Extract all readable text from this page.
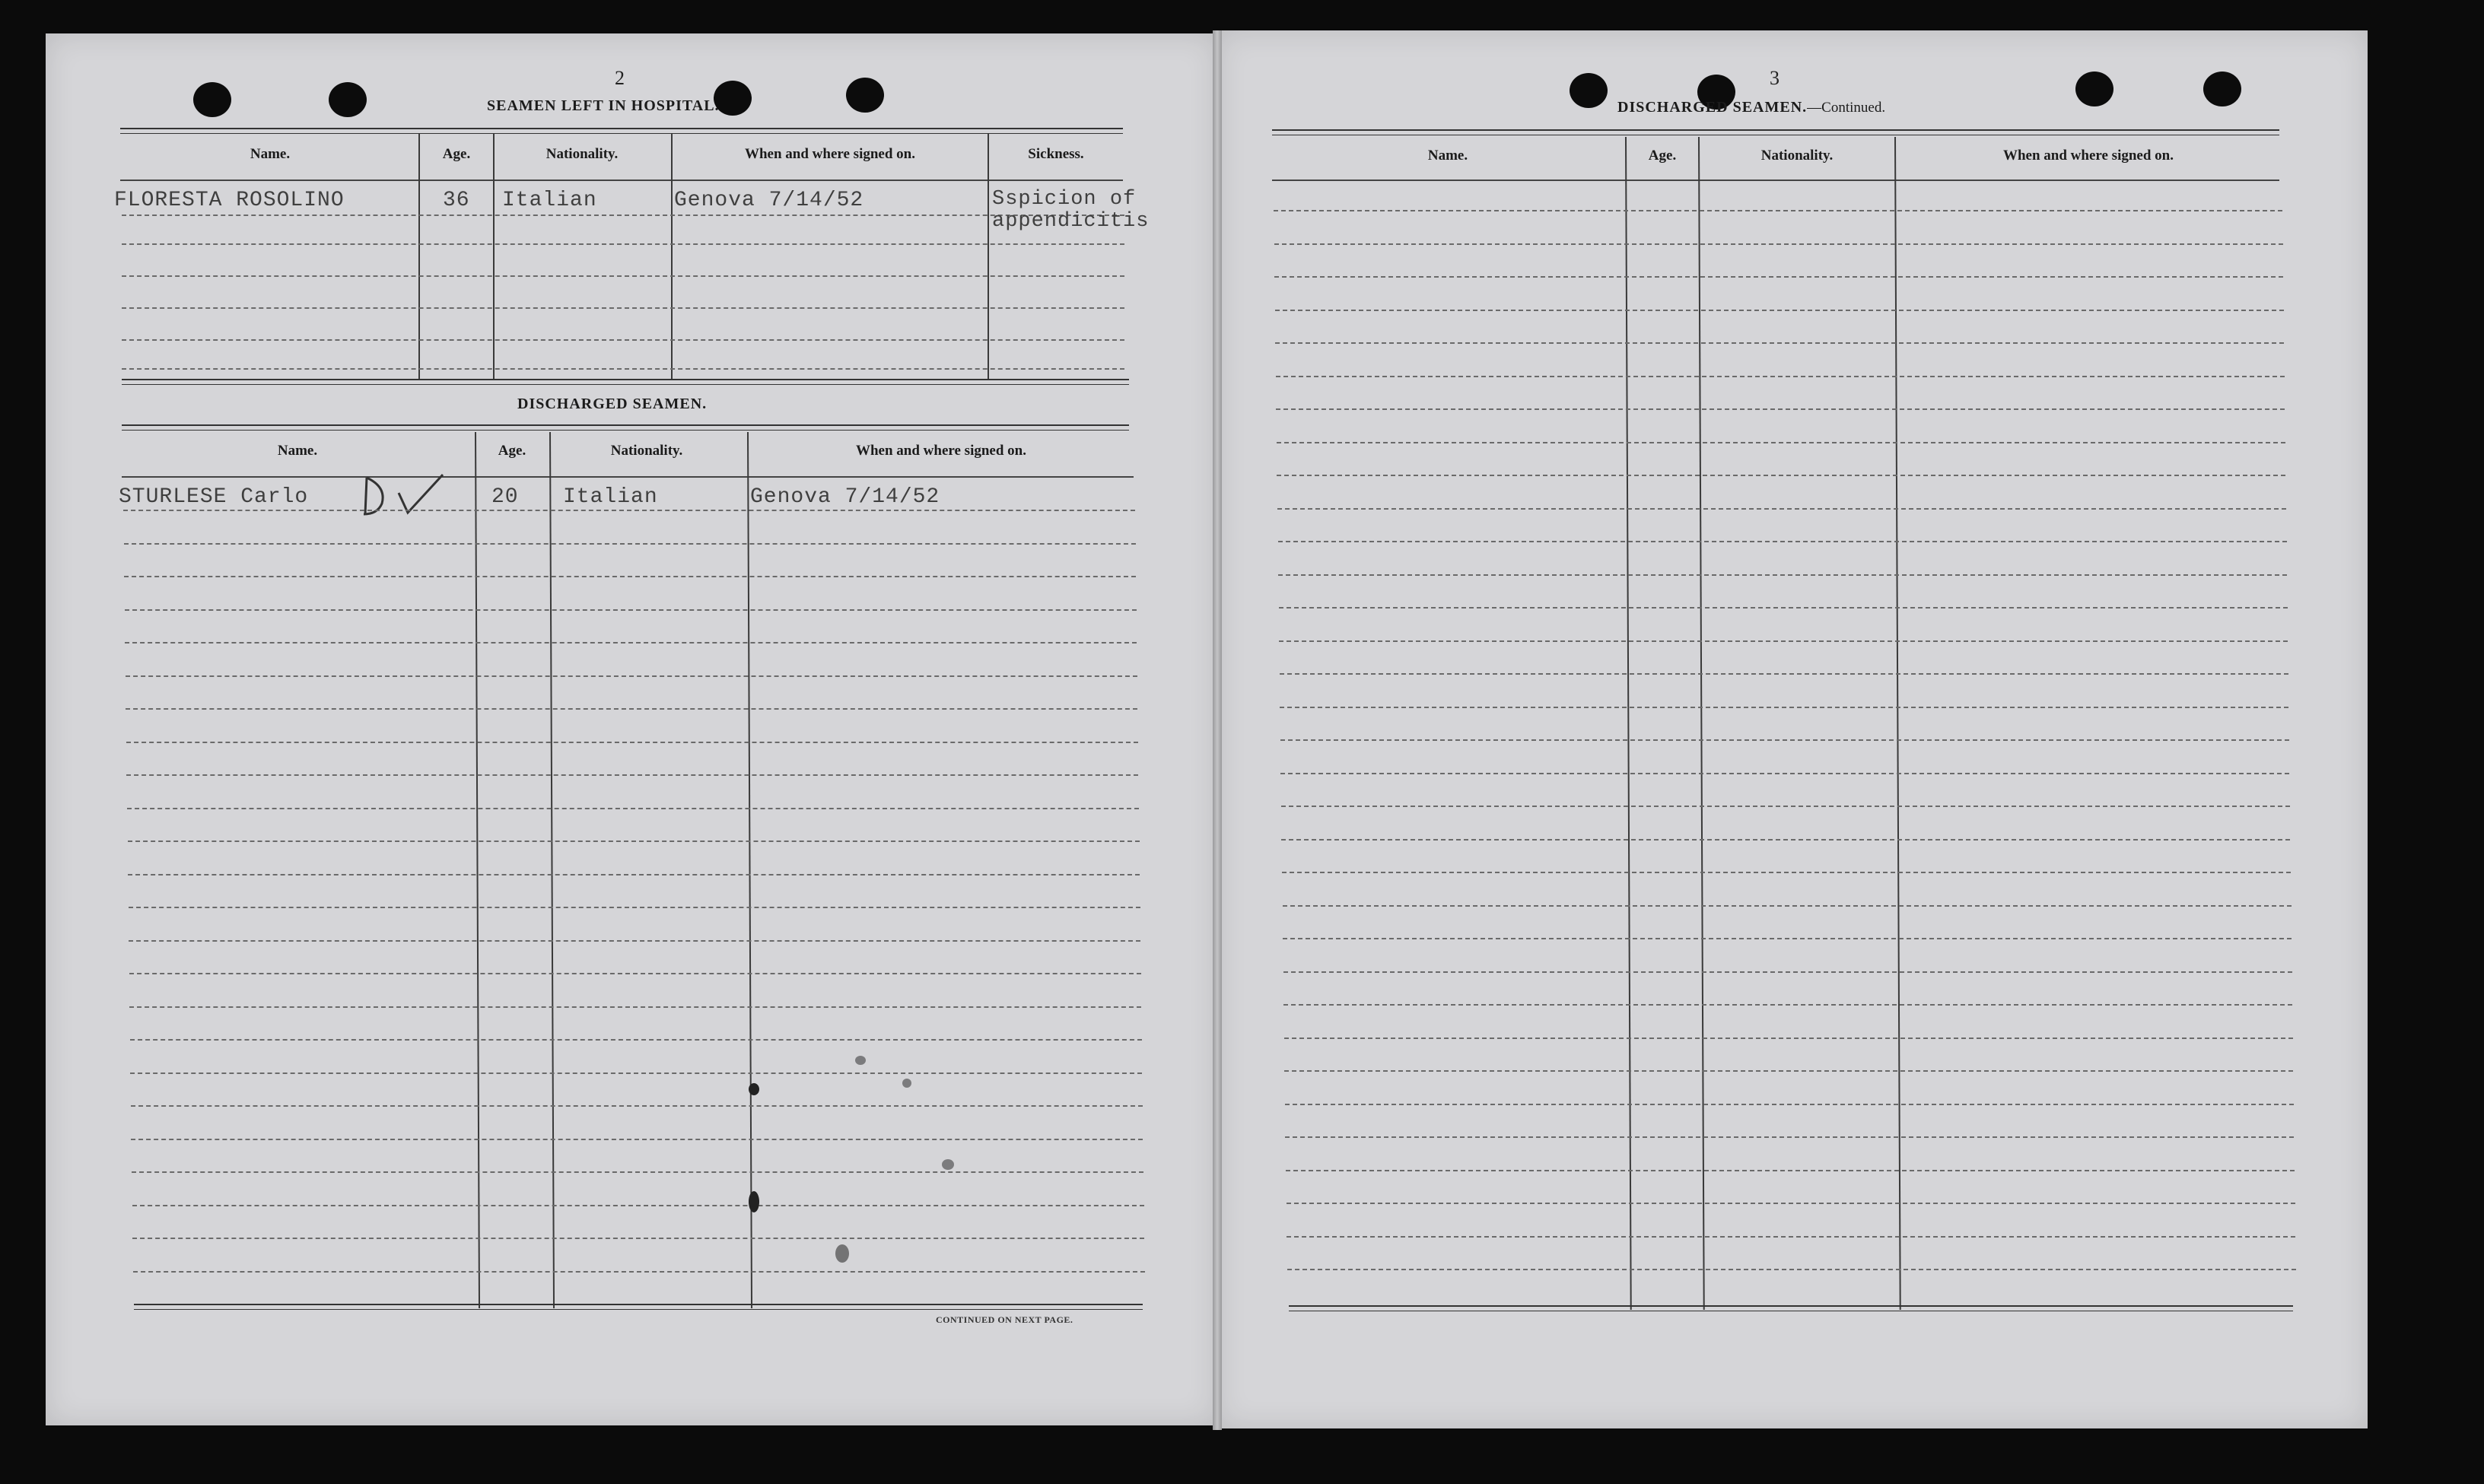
2
SEAMEN LEFT IN HOSPITAL.
Name.	Age.	Nationality.	When and where signed on.	Sickness.
FLORESTA ROSOLINO	36 Italian	Genova 7/14/52	Sspicion of appendicitis
DISCHARGED SEAMEN.
Name.	Age.	Nationality.	When and where signed on.
STURLESE Carlo	20 Italian	Genova 7/14/52
CONTINUED ON NEXT PAGE.
3
DISCHARGED SEAMEN.—Continued.
Name.	Age.	Nationality.	When and where signed on.
